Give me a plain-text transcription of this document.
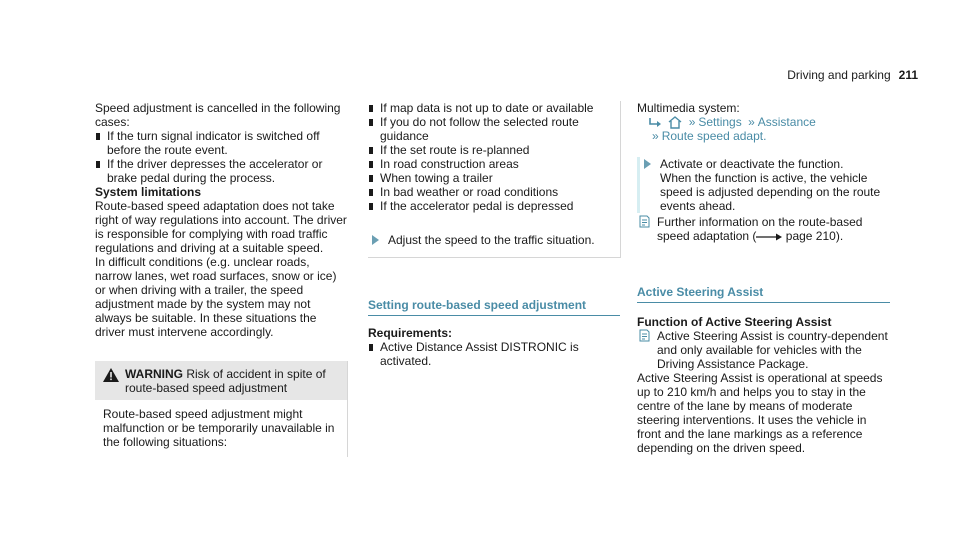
Driving and parking 211

Speed adjustment is cancelled in the following cases:

If the turn signal indicator is switched off before the route event.
If the driver depresses the accelerator or brake pedal during the process.

System limitations

Route-based speed adaptation does not take right of way regulations into account. The driver is responsible for complying with road traffic regulations and driving at a suitable speed.

In difficult conditions (e.g. unclear roads, narrow lanes, wet road surfaces, snow or ice) or when driving with a trailer, the speed adjustment made by the system may not always be suitable. In these situations the driver must intervene accordingly.

WARNING Risk of accident in spite of route-based speed adjustment
Route-based speed adjustment might malfunction or be temporarily unavailable in the following situations:
If map data is not up to date or available
If you do not follow the selected route guidance
If the set route is re-planned
In road construction areas
When towing a trailer
In bad weather or road conditions
If the accelerator pedal is depressed
Adjust the speed to the traffic situation.
Setting route-based speed adjustment

Requirements:

Active Distance Assist DISTRONIC is activated.

Multimedia system:

» Settings » Assistance
» Route speed adapt.

Activate or deactivate the function.

When the function is active, the vehicle speed is adjusted depending on the route events ahead.

Further information on the route-based speed adaptation ( page 210).
Active Steering Assist

Function of Active Steering Assist

Active Steering Assist is country-dependent and only available for vehicles with the Driving Assistance Package.

Active Steering Assist is operational at speeds up to 210 km/h and helps you to stay in the centre of the lane by means of moderate steering interventions. It uses the vehicle in front and the lane markings as a reference depending on the driven speed.
